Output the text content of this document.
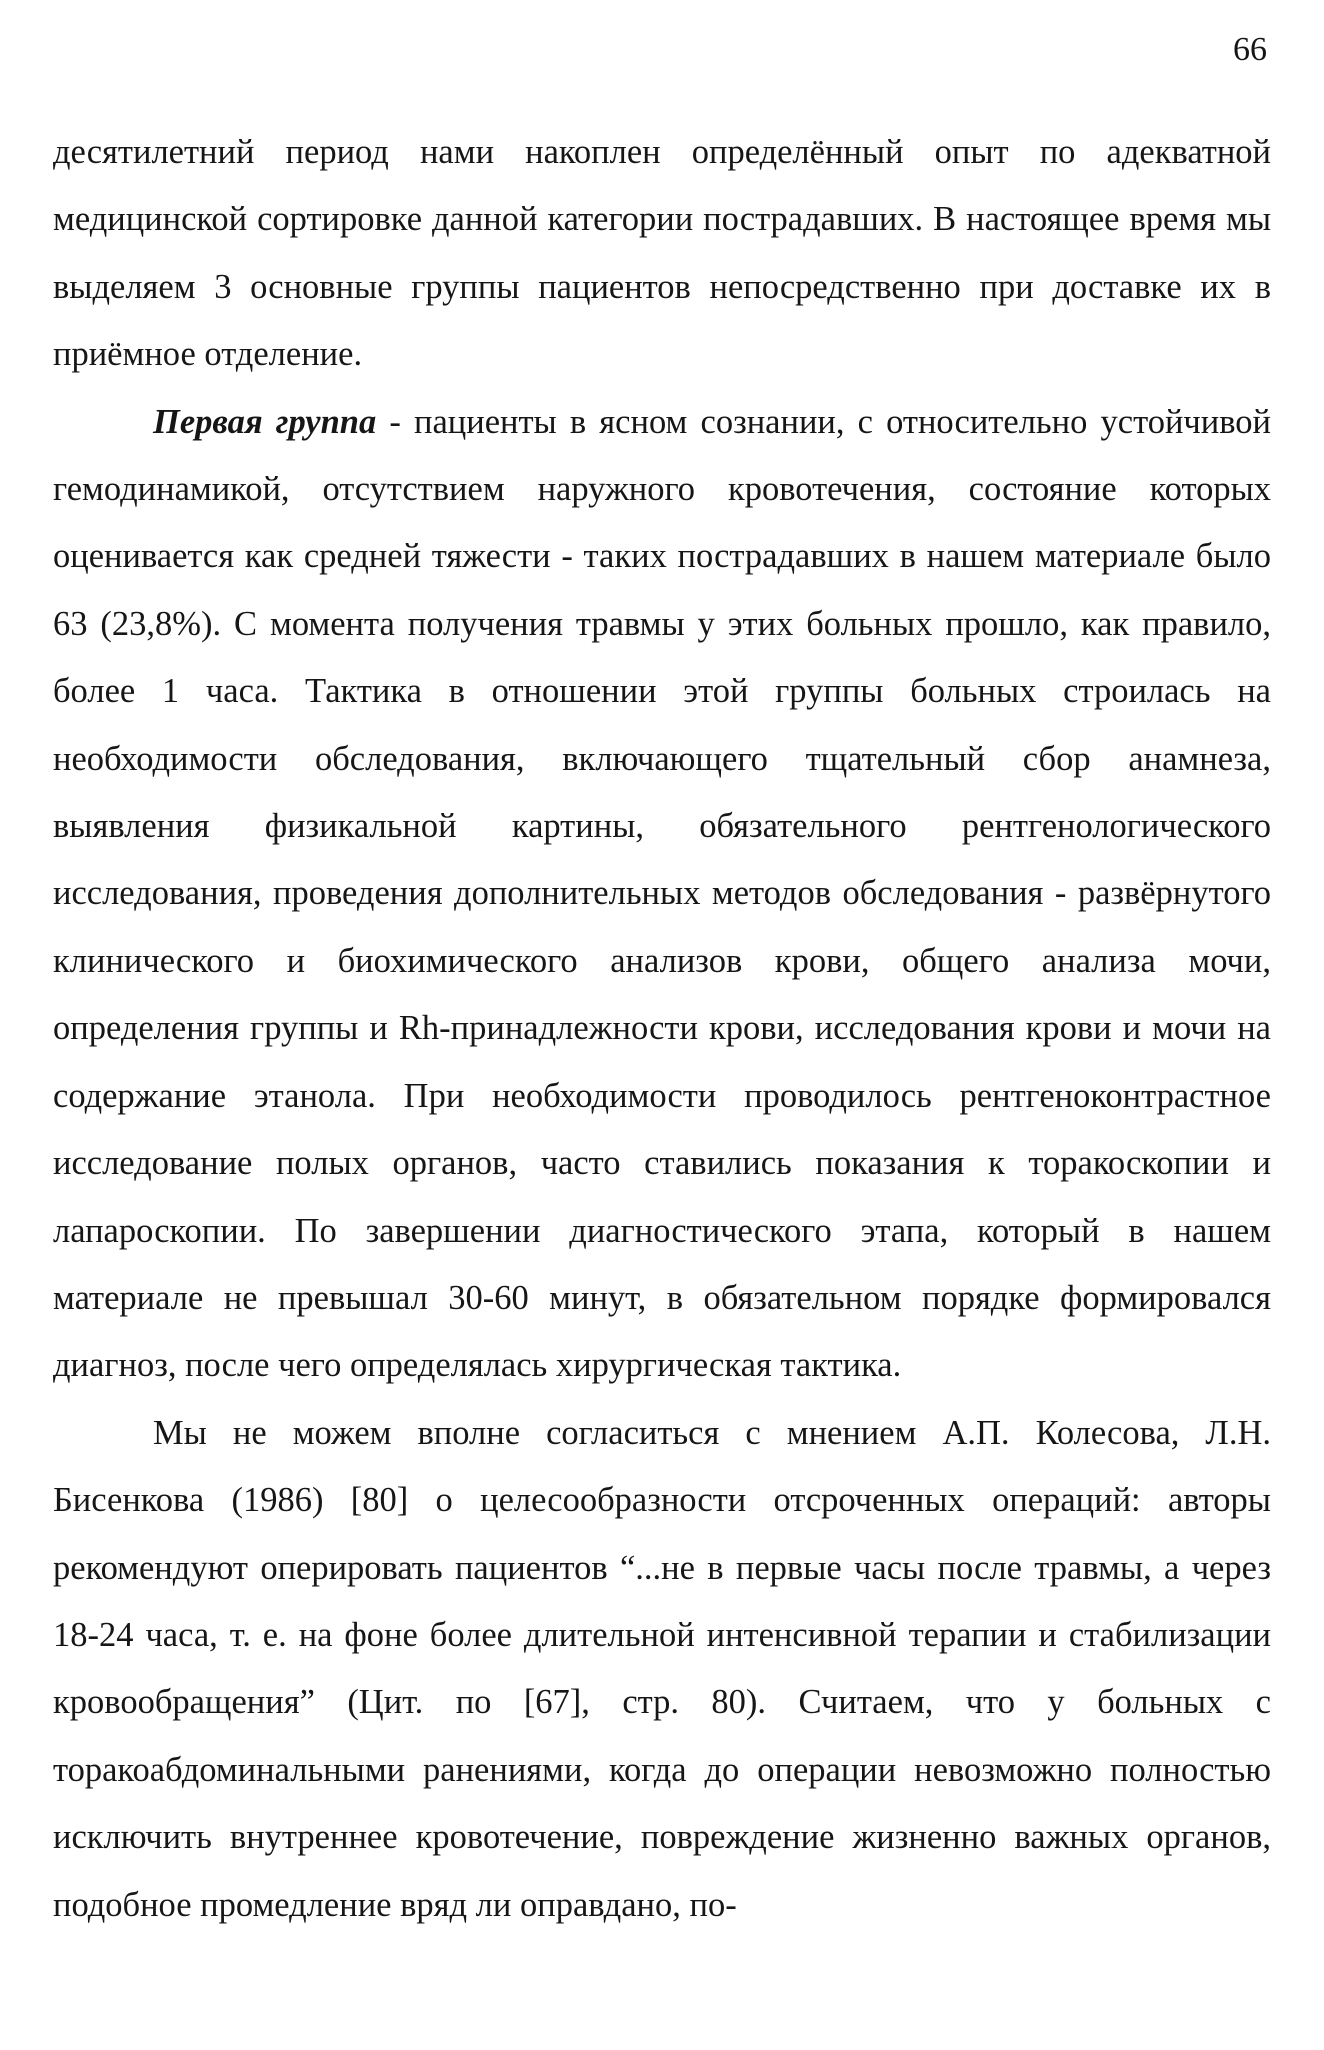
66

десятилетний период нами накоплен определённый опыт по адекватной медицинской сортировке данной категории пострадавших. В настоящее время мы выделяем 3 основные группы пациентов непосредственно при доставке их в приёмное отделение.

Первая группа - пациенты в ясном сознании, с относительно устойчивой гемодинамикой, отсутствием наружного кровотечения, состояние которых оценивается как средней тяжести - таких пострадавших в нашем материале было 63 (23,8%). С момента получения травмы у этих больных прошло, как правило, более 1 часа. Тактика в отношении этой группы больных строилась на необходимости обследования, включающего тщательный сбор анамнеза, выявления физикальной картины, обязательного рентгенологического исследования, проведения дополнительных методов обследования - развёрнутого клинического и биохимического анализов крови, общего анализа мочи, определения группы и Rh-принадлежности крови, исследования крови и мочи на содержание этанола. При необходимости проводилось рентгеноконтрастное исследование полых органов, часто ставились показания к торакоскопии и лапароскопии. По завершении диагностического этапа, который в нашем материале не превышал 30-60 минут, в обязательном порядке формировался диагноз, после чего определялась хирургическая тактика.

Мы не можем вполне согласиться с мнением А.П. Колесова, Л.Н. Бисенкова (1986) [80] о целесообразности отсроченных операций: авторы рекомендуют оперировать пациентов “...не в первые часы после травмы, а через 18-24 часа, т. е. на фоне более длительной интенсивной терапии и стабилизации кровообращения” (Цит. по [67], стр. 80). Считаем, что у больных с торакоабдоминальными ранениями, когда до операции невозможно полностью исключить внутреннее кровотечение, повреждение жизненно важных органов, подобное промедление вряд ли оправдано, по-
